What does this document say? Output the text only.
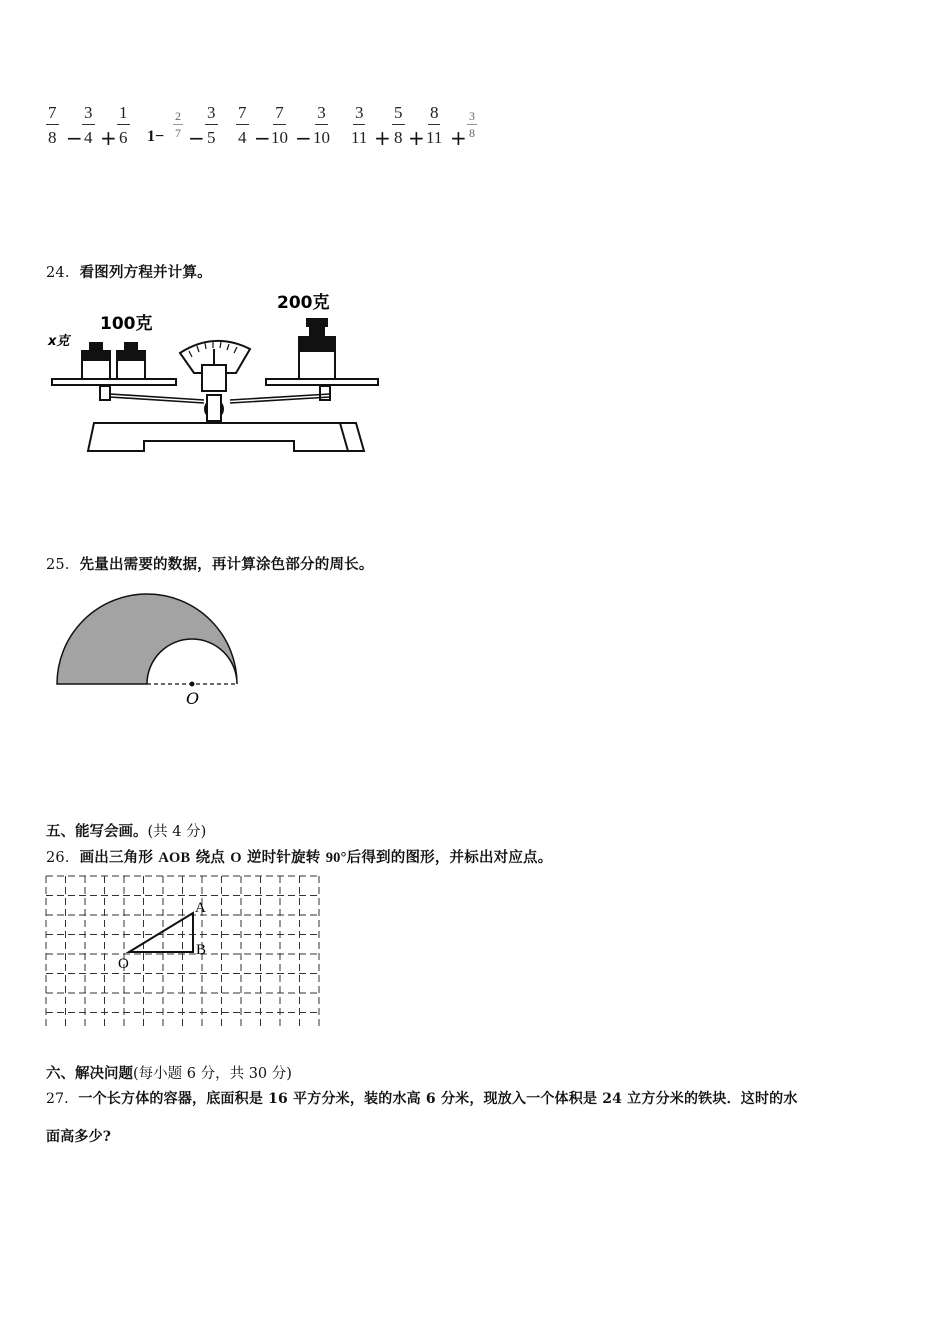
$\frac{7}{8} - \frac{3}{4} + \frac{1}{6} 1- \frac{2}{7} - \frac{3}{5} \frac{7}{4} - \frac{7}{10} - \frac{3}{10} \frac{3}{11} + \frac{5}{8} + \frac{8}{11} + \frac{3}{8}$
24．看图列方程并计算。
x克
100克
200克
25．先量出需要的数据，再计算涂色部分的周长。
O
五、能写会画。(共 4 分)
26．画出三角形 AOB 绕点 O 逆时针旋转 90°后得到的图形，并标出对应点。
A
B
O
六、解决问题(每小题 6 分，共 30 分)
27．一个长方体的容器，底面积是 16 平方分米，装的水高 6 分米，现放入一个体积是 24 立方分米的铁块．这时的水
面高多少?
